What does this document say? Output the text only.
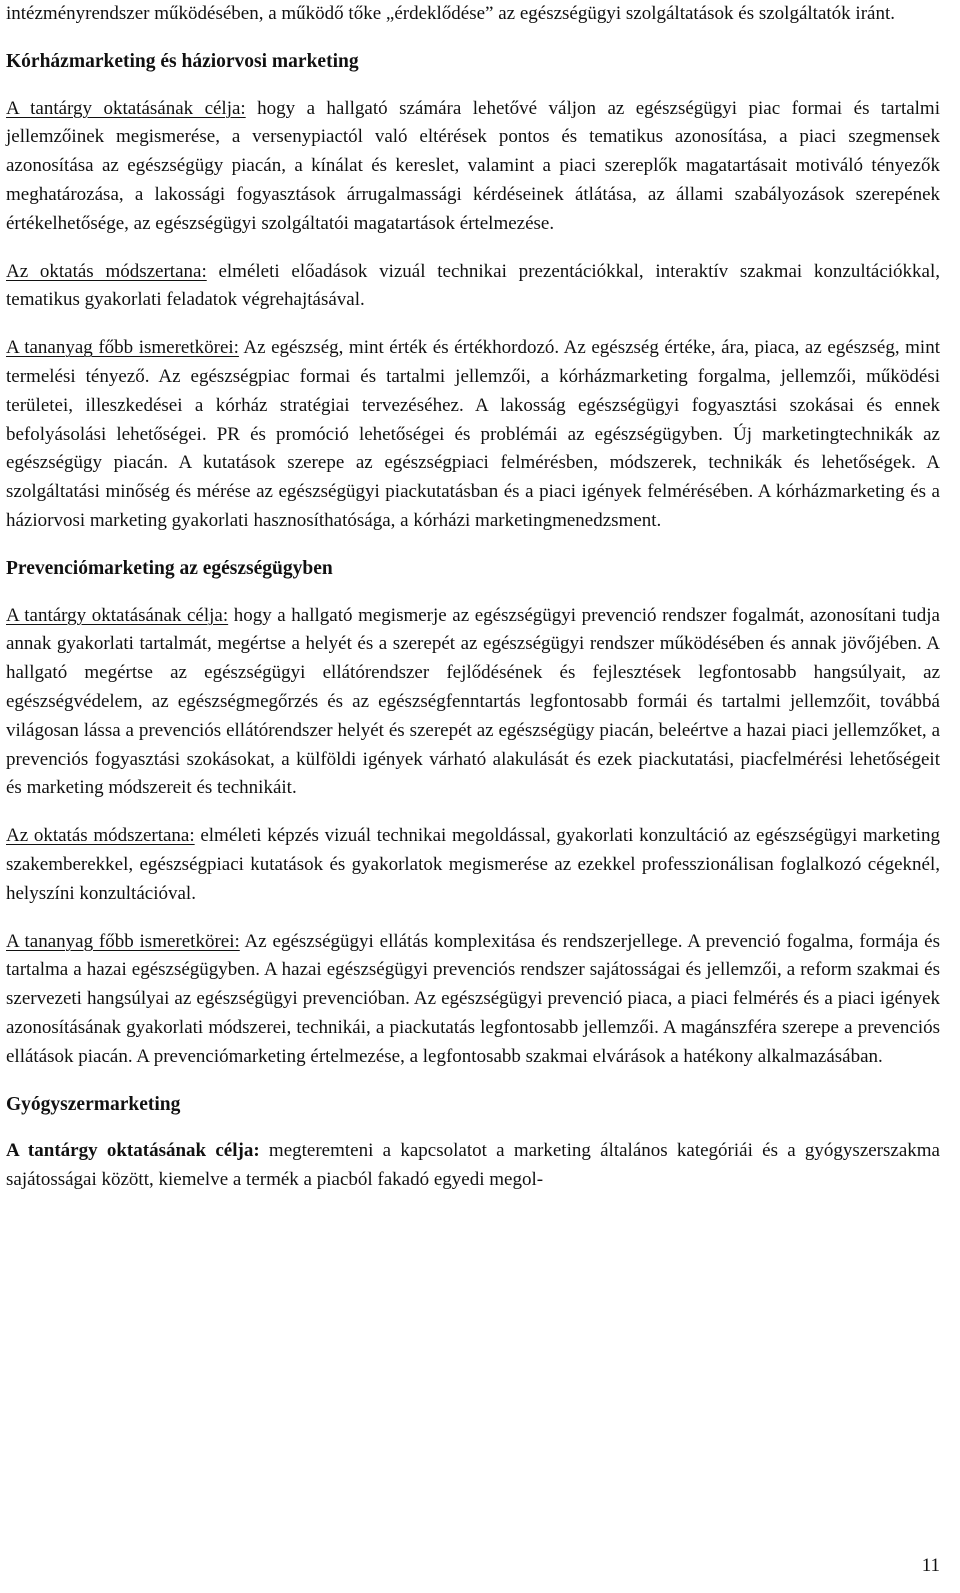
intézményrendszer működésében, a működő tőke „érdeklődése” az egészségügyi szolgáltatások és szolgáltatók iránt.

Kórházmarketing és háziorvosi marketing

A tantárgy oktatásának célja: hogy a hallgató számára lehetővé váljon az egészségügyi piac formai és tartalmi jellemzőinek megismerése, a versenypiactól való eltérések pontos és tematikus azonosítása, a piaci szegmensek azonosítása az egészségügy piacán, a kínálat és kereslet, valamint a piaci szereplők magatartásait motiváló tényezők meghatározása, a lakossági fogyasztások árrugalmassági kérdéseinek átlátása, az állami szabályozások szerepének értékelhetősége, az egészségügyi szolgáltatói magatartások értelmezése.

Az oktatás módszertana: elméleti előadások vizuál technikai prezentációkkal, interaktív szakmai konzultációkkal, tematikus gyakorlati feladatok végrehajtásával.

A tananyag főbb ismeretkörei: Az egészség, mint érték és értékhordozó. Az egészség értéke, ára, piaca, az egészség, mint termelési tényező. Az egészségpiac formai és tartalmi jellemzői, a kórházmarketing forgalma, jellemzői, működési területei, illeszkedései a kórház stratégiai tervezéséhez. A lakosság egészségügyi fogyasztási szokásai és ennek befolyásolási lehetőségei. PR és promóció lehetőségei és problémái az egészségügyben. Új marketingtechnikák az egészségügy piacán. A kutatások szerepe az egészségpiaci felmérésben, módszerek, technikák és lehetőségek. A szolgáltatási minőség és mérése az egészségügyi piackutatásban és a piaci igények felmérésében. A kórházmarketing és a háziorvosi marketing gyakorlati hasznosíthatósága, a kórházi marketingmenedzsment.

Prevenciómarketing az egészségügyben

A tantárgy oktatásának célja: hogy a hallgató megismerje az egészségügyi prevenció rendszer fogalmát, azonosítani tudja annak gyakorlati tartalmát, megértse a helyét és a szerepét az egészségügyi rendszer működésében és annak jövőjében. A hallgató megértse az egészségügyi ellátórendszer fejlődésének és fejlesztések legfontosabb hangsúlyait, az egészségvédelem, az egészségmegőrzés és az egészségfenntartás legfontosabb formái és tartalmi jellemzőit, továbbá világosan lássa a prevenciós ellátórendszer helyét és szerepét az egészségügy piacán, beleértve a hazai piaci jellemzőket, a prevenciós fogyasztási szokásokat, a külföldi igények várható alakulását és ezek piackutatási, piacfelmérési lehetőségeit és marketing módszereit és technikáit.

Az oktatás módszertana: elméleti képzés vizuál technikai megoldással, gyakorlati konzultáció az egészségügyi marketing szakemberekkel, egészségpiaci kutatások és gyakorlatok megismerése az ezekkel professzionálisan foglalkozó cégeknél, helyszíni konzultációval.

A tananyag főbb ismeretkörei: Az egészségügyi ellátás komplexitása és rendszerjellege. A prevenció fogalma, formája és tartalma a hazai egészségügyben. A hazai egészségügyi prevenciós rendszer sajátosságai és jellemzői, a reform szakmai és szervezeti hangsúlyai az egészségügyi prevencióban. Az egészségügyi prevenció piaca, a piaci felmérés és a piaci igények azonosításának gyakorlati módszerei, technikái, a piackutatás legfontosabb jellemzői. A magánszféra szerepe a prevenciós ellátások piacán. A prevenciómarketing értelmezése, a legfontosabb szakmai elvárások a hatékony alkalmazásában.

Gyógyszermarketing

A tantárgy oktatásának célja: megteremteni a kapcsolatot a marketing általános kategóriái és a gyógyszerszakma sajátosságai között, kiemelve a termék a piacból fakadó egyedi megol-

11
